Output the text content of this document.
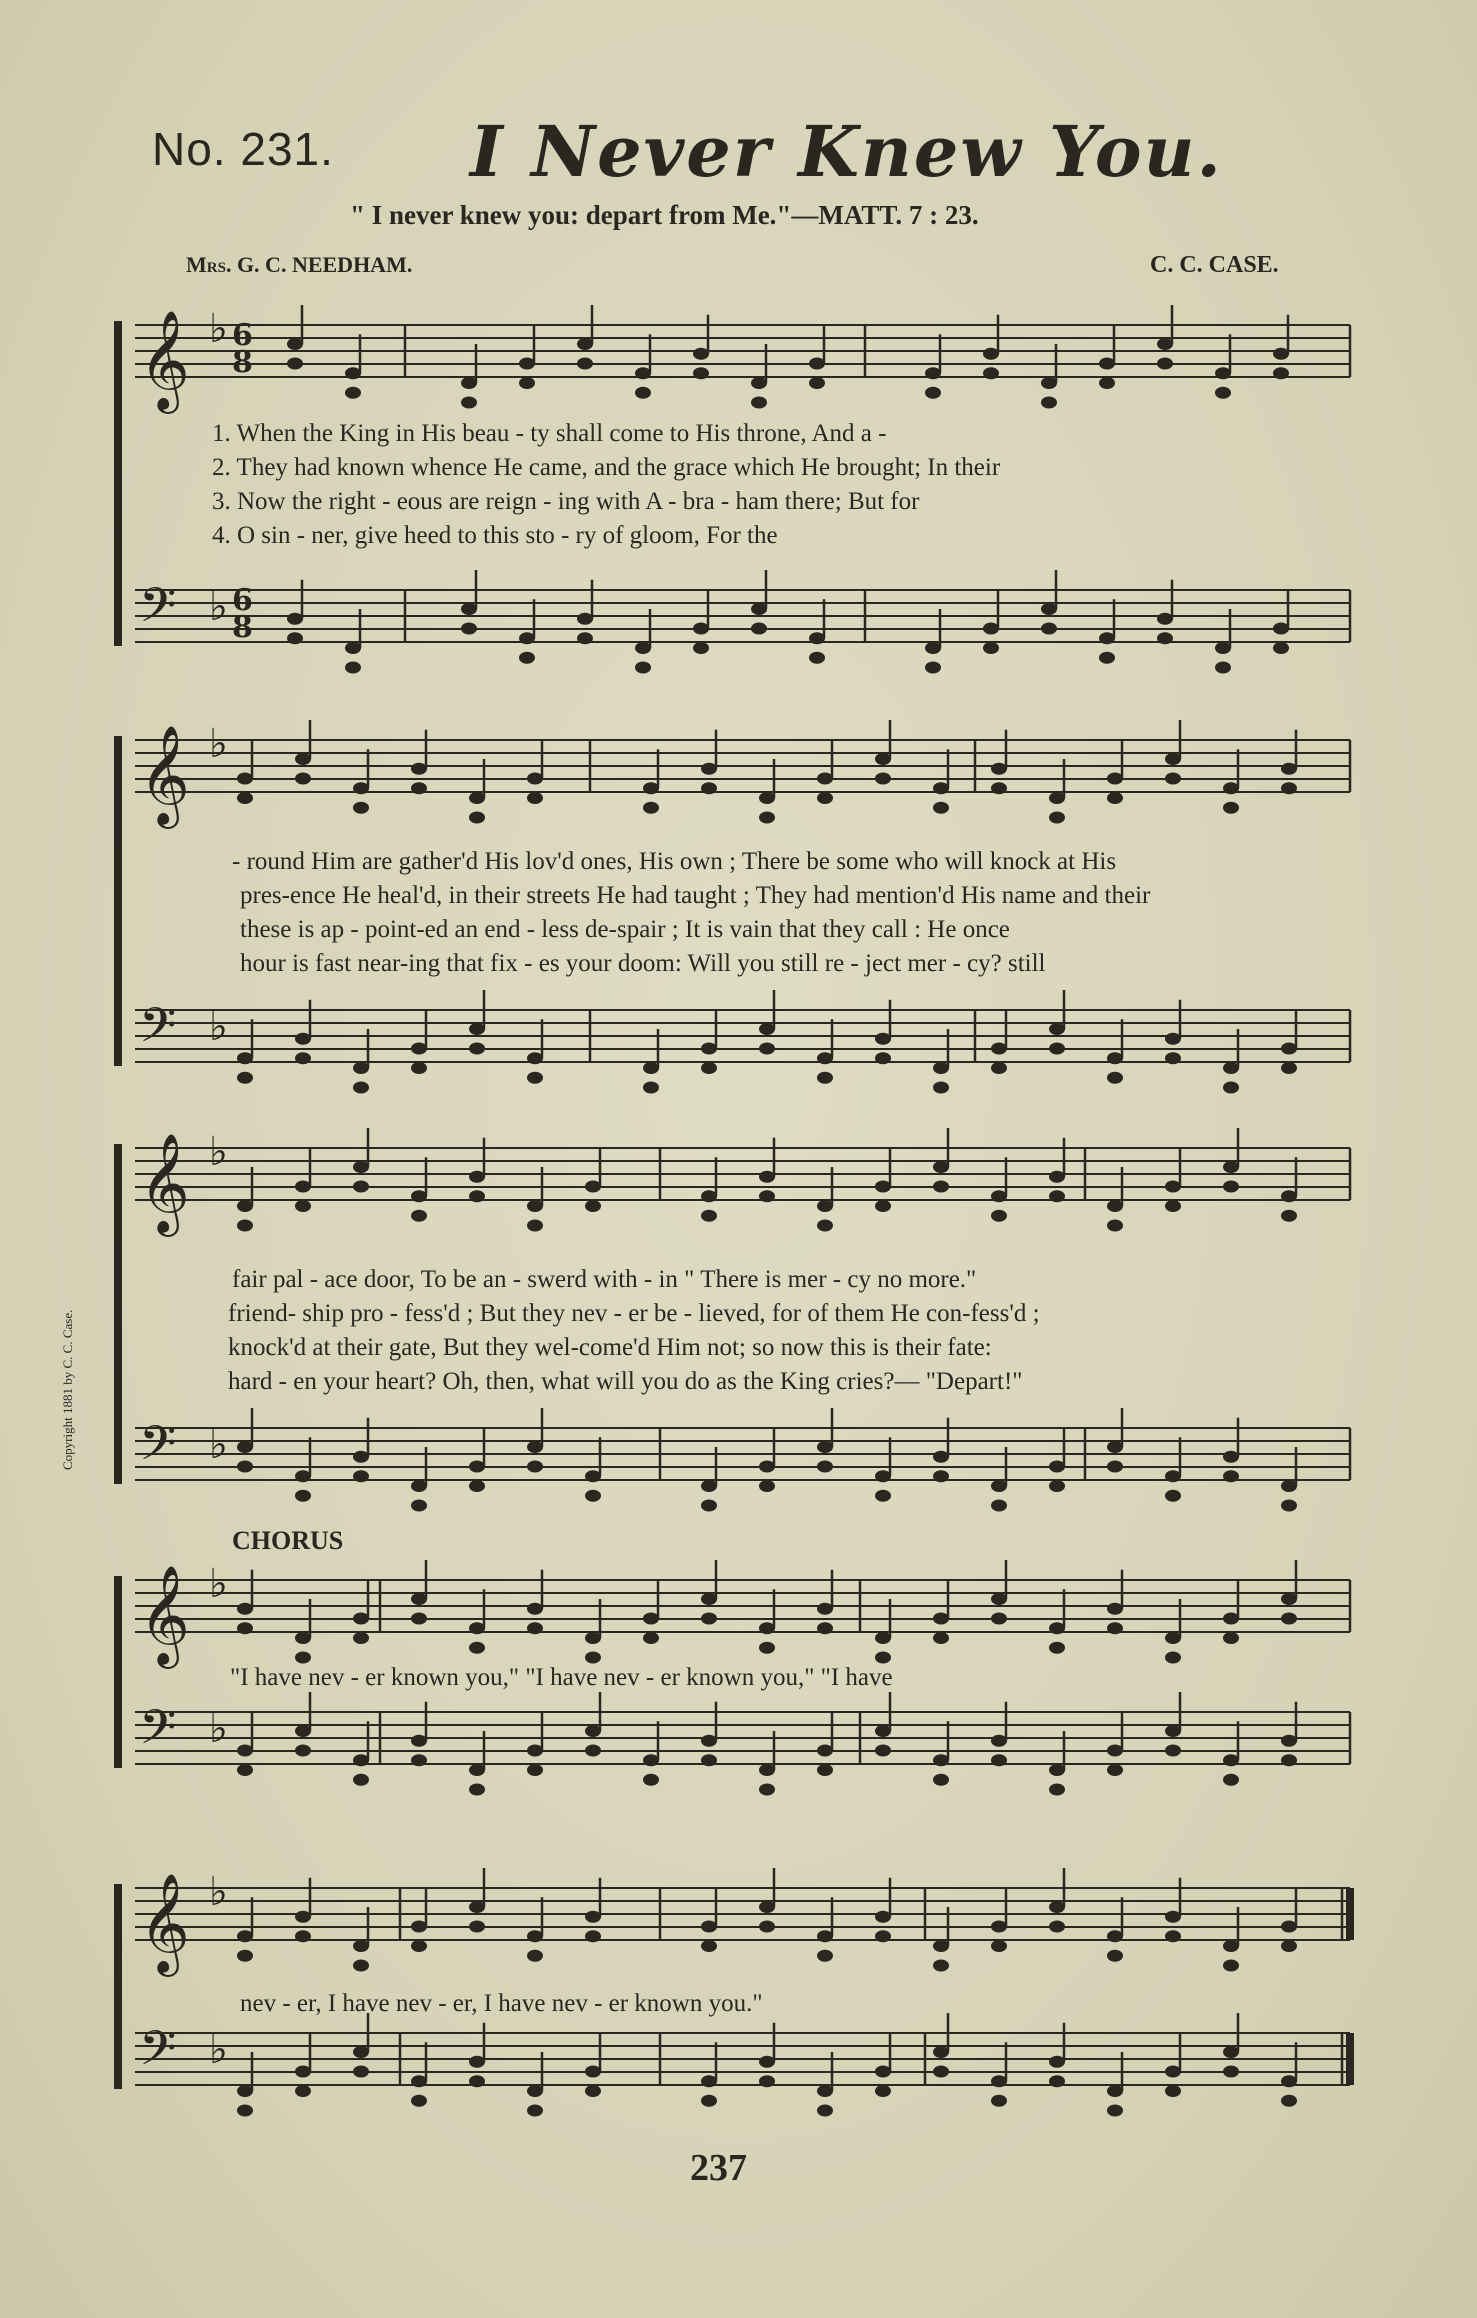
No. 231. I Never Knew You.
" I never knew you: depart from Me."—MATT. 7 : 23.
Mrs. G. C. NEEDHAM.	C. C. CASE.
Copyright 1881 by C. C. Case.
CHORUS
237
1. When the King in His beau - ty shall come to His throne, And a -
2. They had known whence He came, and the grace which He brought; In their
3. Now the right - eous are reign - ing with A - bra - ham there; But for
4. O sin - ner, give heed to this sto - ry of gloom, For the
- round Him are gather'd His lov'd ones, His own ; There be some who will knock at His
pres-ence He heal'd, in their streets He had taught ; They had mention'd His name and their
these is ap - point-ed an end - less de-spair ; It is vain that they call : He once
hour is fast near-ing that fix - es your doom: Will you still re - ject mer - cy? still
fair pal - ace door, To be an - swerd with - in " There is mer - cy no more."
friend- ship pro - fess'd ; But they nev - er be - lieved, for of them He con-fess'd ;
knock'd at their gate, But they wel-come'd Him not; so now this is their fate:
hard - en your heart? Oh, then, what will you do as the King cries?— "Depart!"
"I have nev - er known you," "I have nev - er known you," "I have
nev - er, I have nev - er, I have nev - er known you."
𝄞 ♭
𝄢 ♭
𝄞 ♭
𝄢 ♭
𝄞 ♭
𝄢 ♭
𝄞 ♭
𝄢 ♭
𝄞 ♭
𝄢 ♭
6
8
6
8
